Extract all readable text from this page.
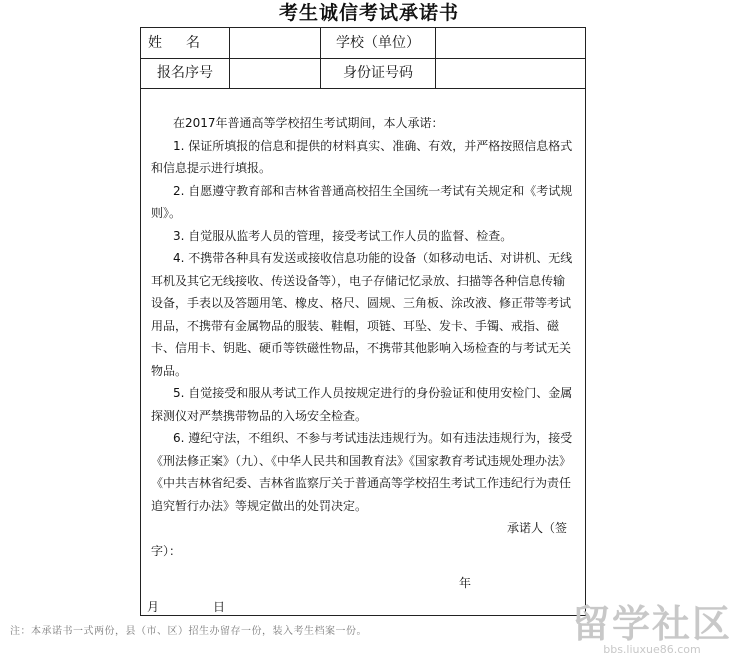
考生诚信考试承诺书
姓 名	学校（单位）
报名序号	身份证号码

在2017年普通高等学校招生考试期间，本人承诺：

1. 保证所填报的信息和提供的材料真实、准确、有效，并严格按照信息格式和信息提示进行填报。

2. 自愿遵守教育部和吉林省普通高校招生全国统一考试有关规定和《考试规则》。

3. 自觉服从监考人员的管理，接受考试工作人员的监督、检查。

4. 不携带各种具有发送或接收信息功能的设备（如移动电话、对讲机、无线耳机及其它无线接收、传送设备等），电子存储记忆录放、扫描等各种信息传输设备，手表以及答题用笔、橡皮、格尺、圆规、三角板、涂改液、修正带等考试用品，不携带有金属物品的服装、鞋帽，项链、耳坠、发卡、手镯、戒指、磁卡、信用卡、钥匙、硬币等铁磁性物品，不携带其他影响入场检查的与考试无关物品。

5. 自觉接受和服从考试工作人员按规定进行的身份验证和使用安检门、金属探测仪对严禁携带物品的入场安全检查。

6. 遵纪守法，不组织、不参与考试违法违规行为。如有违法违规行为，接受《刑法修正案》（九）、《中华人民共和国教育法》《国家教育考试违规处理办法》《中共吉林省纪委、吉林省监察厅关于普通高等学校招生考试工作违纪行为责任追究暂行办法》等规定做出的处罚决定。

承诺人（签

字）：

年
月	日
注：本承诺书一式两份，县（市、区）招生办留存一份，装入考生档案一份。	留学社区
bbs.liuxue86.com
